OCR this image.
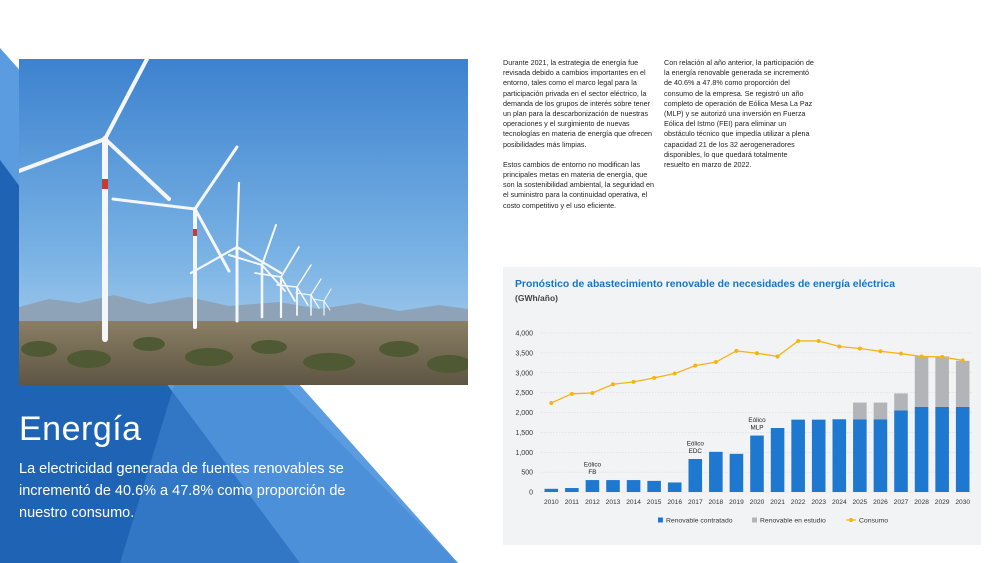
Energía
La electricidad generada de fuentes renovables se incrementó de 40.6% a 47.8% como proporción de nuestro consumo.

Durante 2021, la estrategia de energía fue revisada debido a cambios importantes en el entorno, tales como el marco legal para la participación privada en el sector eléctrico, la demanda de los grupos de interés sobre tener un plan para la descarbonización de nuestras operaciones y el surgimiento de nuevas tecnologías en materia de energía que ofrecen posibilidades más limpias.

Estos cambios de entorno no modifican las principales metas en materia de energía, que son la sostenibilidad ambiental, la seguridad en el suministro para la continuidad operativa, el costo competitivo y el uso eficiente.

Con relación al año anterior, la participación de la energía renovable generada se incrementó de 40.6% a 47.8% como proporción del consumo de la empresa. Se registró un año completo de operación de Eólica Mesa La Paz (MLP) y se autorizó una inversión en Fuerza Eólica del Istmo (FEI) para eliminar un obstáculo técnico que impedía utilizar a plena capacidad 21 de los 32 aerogeneradores disponibles, lo que quedará totalmente resuelto en marzo de 2022.

0
500
1,000
1,500
2,000
2,500
3,000
3,500
4,000
2010 2011 2012 2013 2014 2015 2016 2017 2018 2019 2020 2021 2022 2023 2024 2025 2026 2027 2028 2029 2030
FB
Eólico
EDC
Eólico
MLP
Eólico
Renovable contratado	Renovable en estudio	Consumo
Pronóstico de abastecimiento renovable de necesidades de energía eléctrica
(GWh/año)
